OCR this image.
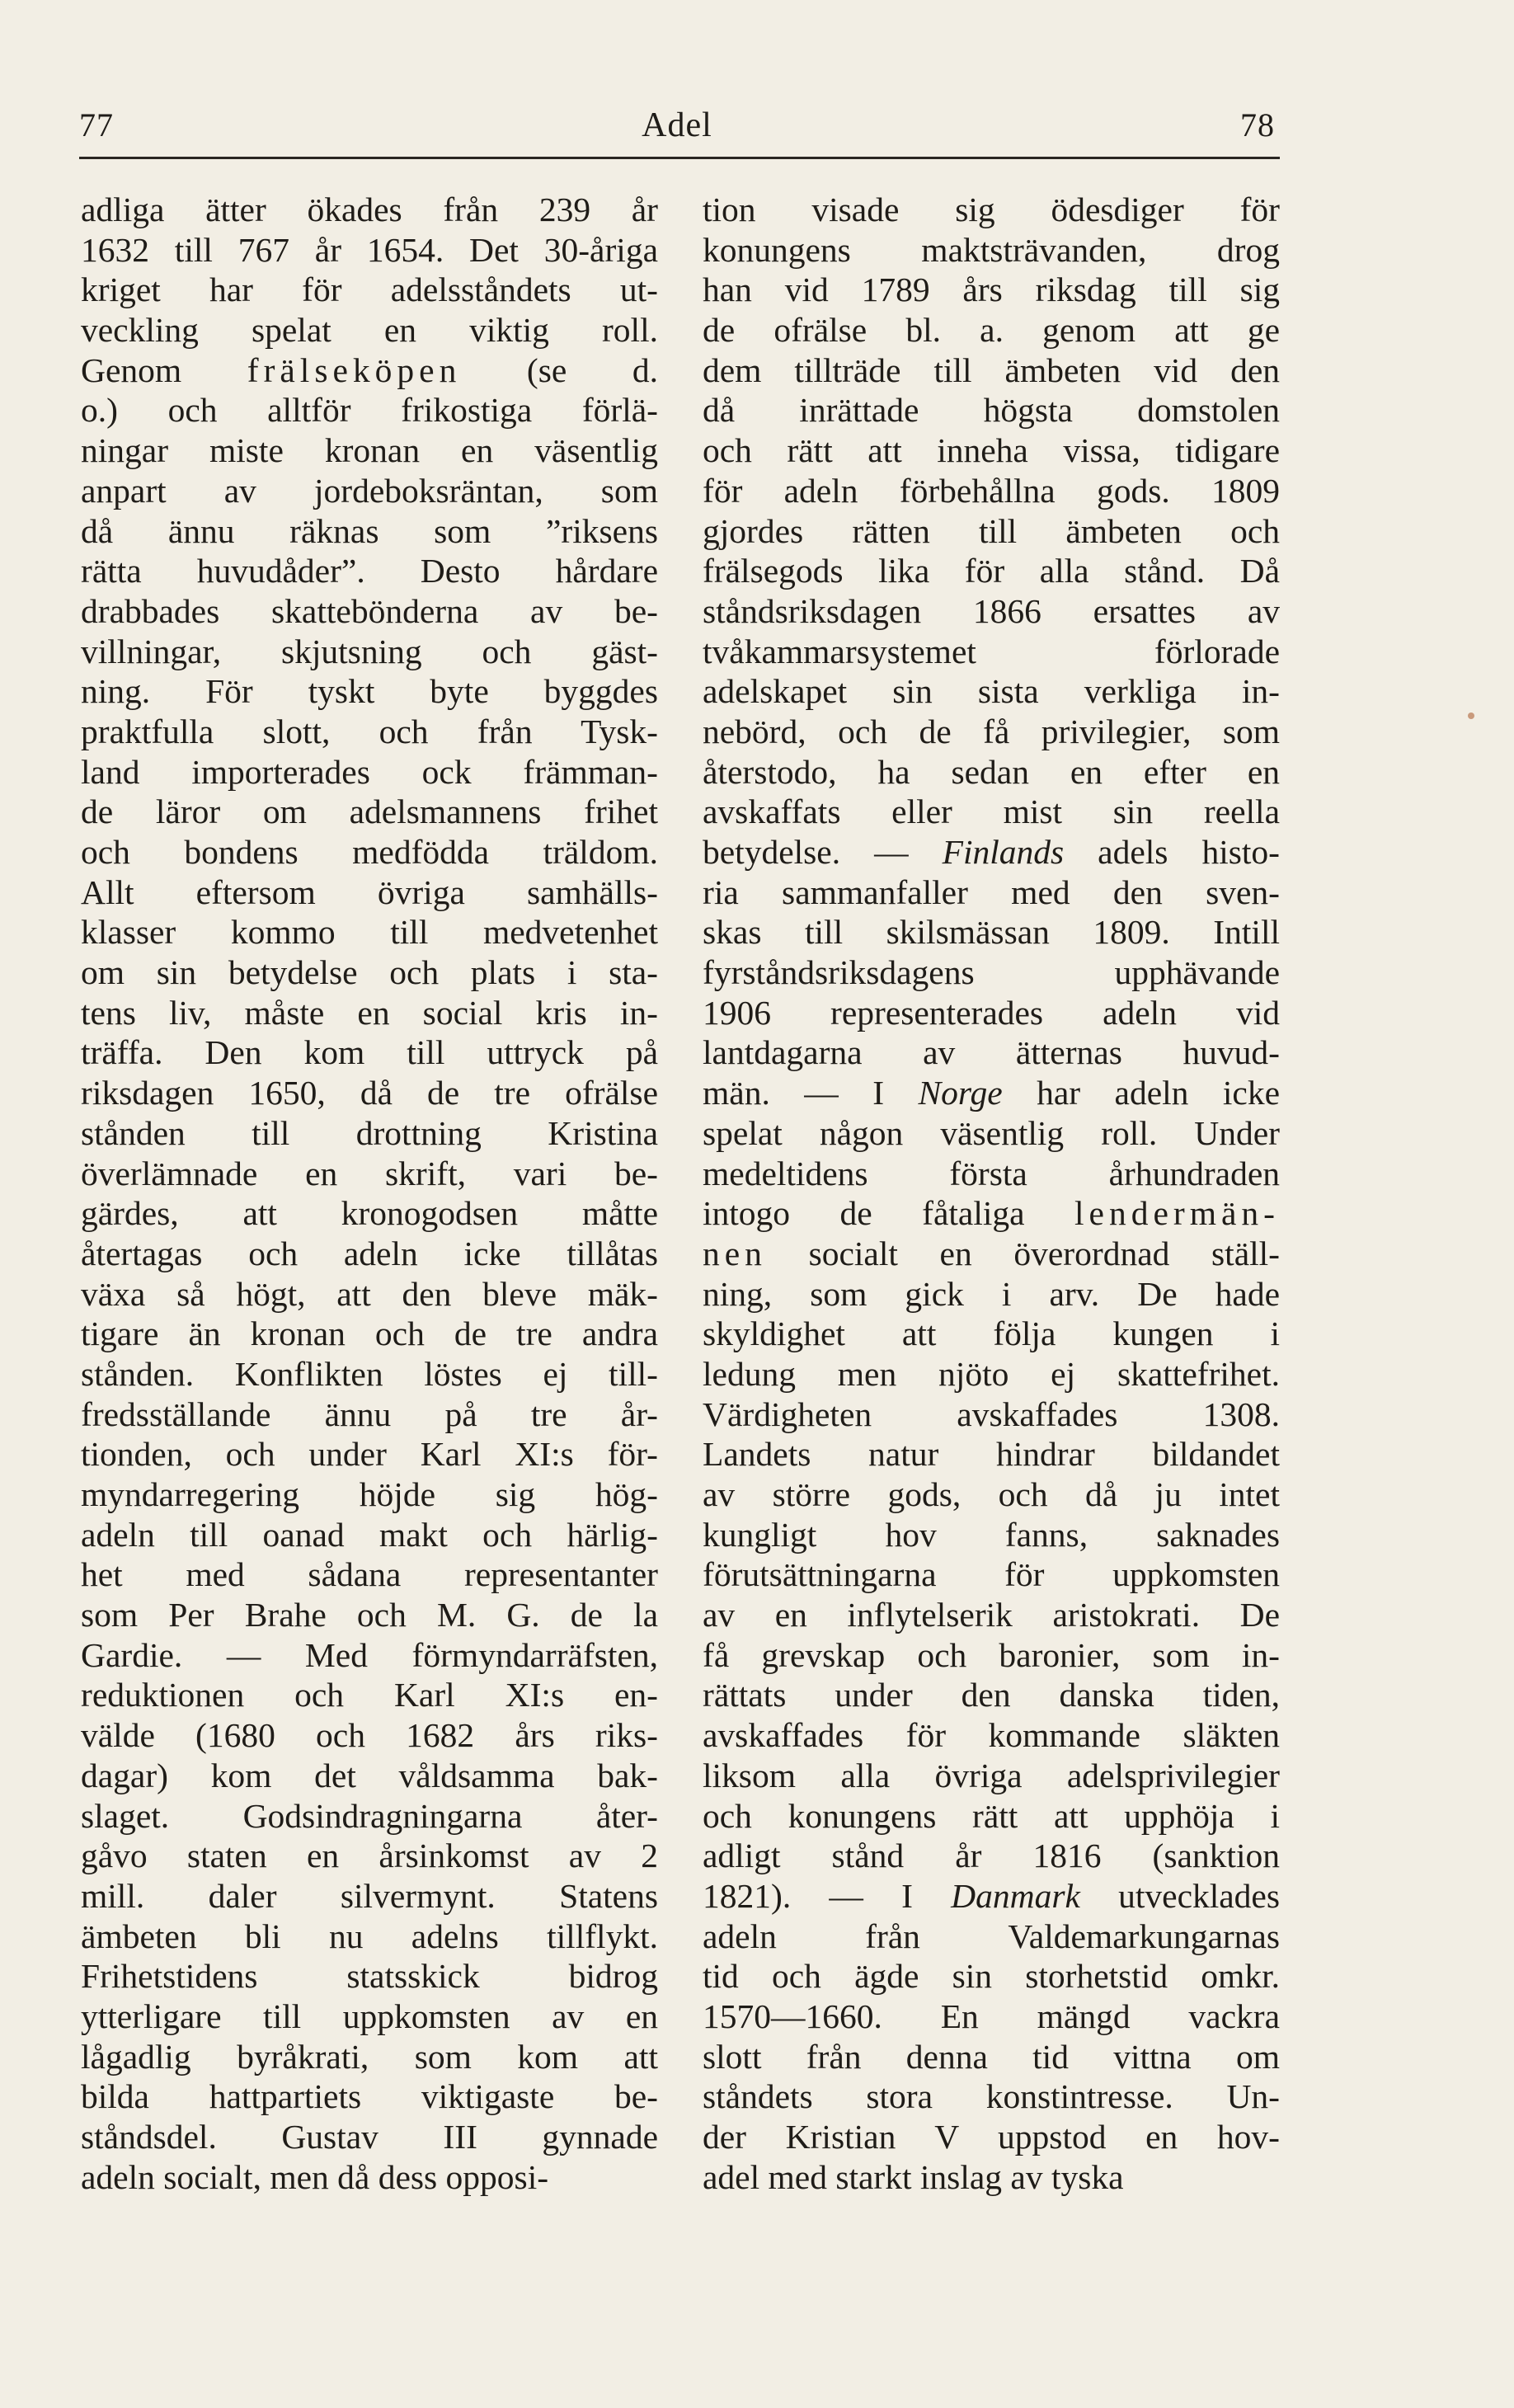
77	Adel	78
adliga ätter ökades från 239 år
1632 till 767 år 1654. Det 30-åriga
kriget har för adelsståndets ut-
veckling spelat en viktig roll.
Genom frälseköpen (se d.
o.) och alltför frikostiga förlä-
ningar miste kronan en väsentlig
anpart av jordeboksräntan, som
då ännu räknas som ”riksens
rätta huvudåder”. Desto hårdare
drabbades skattebönderna av be-
villningar, skjutsning och gäst-
ning. För tyskt byte byggdes
praktfulla slott, och från Tysk-
land importerades ock främman-
de läror om adelsmannens frihet
och bondens medfödda träldom.
Allt eftersom övriga samhälls-
klasser kommo till medvetenhet
om sin betydelse och plats i sta-
tens liv, måste en social kris in-
träffa. Den kom till uttryck på
riksdagen 1650, då de tre ofrälse
stånden till drottning Kristina
överlämnade en skrift, vari be-
gärdes, att kronogodsen måtte
återtagas och adeln icke tillåtas
växa så högt, att den bleve mäk-
tigare än kronan och de tre andra
stånden. Konflikten löstes ej till-
fredsställande ännu på tre år-
tionden, och under Karl XI:s för-
myndarregering höjde sig hög-
adeln till oanad makt och härlig-
het med sådana representanter
som Per Brahe och M. G. de la
Gardie. — Med förmyndarräfsten,
reduktionen och Karl XI:s en-
välde (1680 och 1682 års riks-
dagar) kom det våldsamma bak-
slaget. Godsindragningarna åter-
gåvo staten en årsinkomst av 2
mill. daler silvermynt. Statens
ämbeten bli nu adelns tillflykt.
Frihetstidens statsskick bidrog
ytterligare till uppkomsten av en
lågadlig byråkrati, som kom att
bilda hattpartiets viktigaste be-
ståndsdel. Gustav III gynnade
adeln socialt, men då dess opposi-
tion visade sig ödesdiger för
konungens maktsträvanden, drog
han vid 1789 års riksdag till sig
de ofrälse bl. a. genom att ge
dem tillträde till ämbeten vid den
då inrättade högsta domstolen
och rätt att inneha vissa, tidigare
för adeln förbehållna gods. 1809
gjordes rätten till ämbeten och
frälsegods lika för alla stånd. Då
ståndsriksdagen 1866 ersattes av
tvåkammarsystemet förlorade
adelskapet sin sista verkliga in-
nebörd, och de få privilegier, som
återstodo, ha sedan en efter en
avskaffats eller mist sin reella
betydelse. — Finlands adels histo-
ria sammanfaller med den sven-
skas till skilsmässan 1809. Intill
fyrståndsriksdagens upphävande
1906 representerades adeln vid
lantdagarna av ätternas huvud-
män. — I Norge har adeln icke
spelat någon väsentlig roll. Under
medeltidens första århundraden
intogo de fåtaliga lendermän-
nen socialt en överordnad ställ-
ning, som gick i arv. De hade
skyldighet att följa kungen i
ledung men njöto ej skattefrihet.
Värdigheten avskaffades 1308.
Landets natur hindrar bildandet
av större gods, och då ju intet
kungligt hov fanns, saknades
förutsättningarna för uppkomsten
av en inflytelserik aristokrati. De
få grevskap och baronier, som in-
rättats under den danska tiden,
avskaffades för kommande släkten
liksom alla övriga adelsprivilegier
och konungens rätt att upphöja i
adligt stånd år 1816 (sanktion
1821). — I Danmark utvecklades
adeln från Valdemarkungarnas
tid och ägde sin storhetstid omkr.
1570—1660. En mängd vackra
slott från denna tid vittna om
ståndets stora konstintresse. Un-
der Kristian V uppstod en hov-
adel med starkt inslag av tyska
